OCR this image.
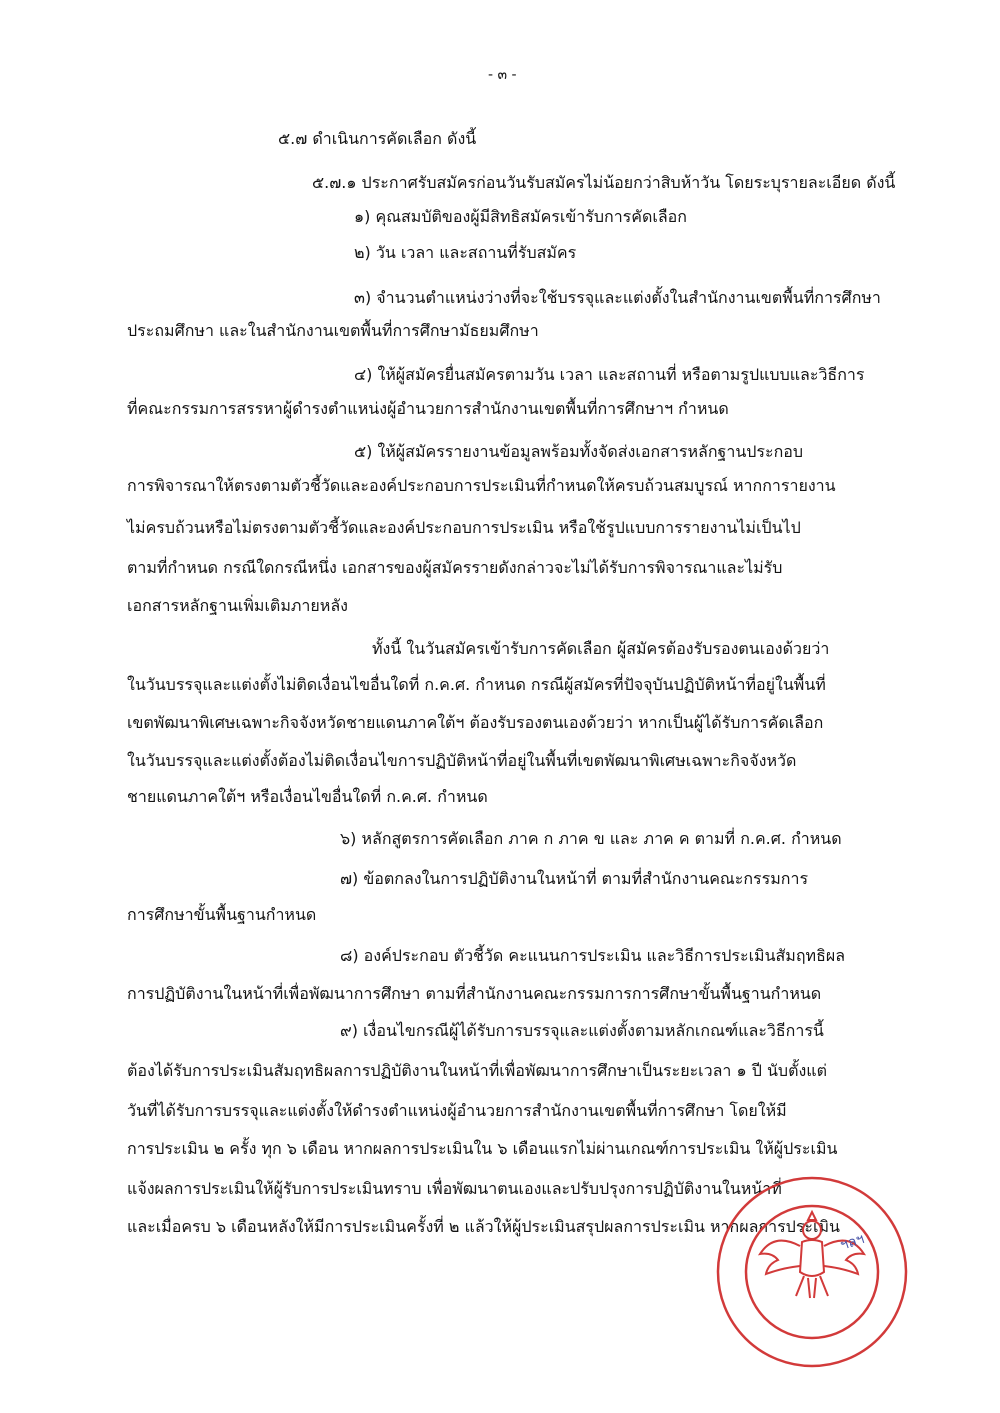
- ๓ -
๕.๗ ดำเนินการคัดเลือก ดังนี้
๕.๗.๑ ประกาศรับสมัครก่อนวันรับสมัครไม่น้อยกว่าสิบห้าวัน โดยระบุรายละเอียด ดังนี้
๑) คุณสมบัติของผู้มีสิทธิสมัครเข้ารับการคัดเลือก
๒) วัน เวลา และสถานที่รับสมัคร
๓) จำนวนตำแหน่งว่างที่จะใช้บรรจุและแต่งตั้งในสำนักงานเขตพื้นที่การศึกษา
ประถมศึกษา และในสำนักงานเขตพื้นที่การศึกษามัธยมศึกษา
๔) ให้ผู้สมัครยื่นสมัครตามวัน เวลา และสถานที่ หรือตามรูปแบบและวิธีการ
ที่คณะกรรมการสรรหาผู้ดำรงตำแหน่งผู้อำนวยการสำนักงานเขตพื้นที่การศึกษาฯ กำหนด
๕) ให้ผู้สมัครรายงานข้อมูลพร้อมทั้งจัดส่งเอกสารหลักฐานประกอบ
การพิจารณาให้ตรงตามตัวชี้วัดและองค์ประกอบการประเมินที่กำหนดให้ครบถ้วนสมบูรณ์ หากการายงาน
ไม่ครบถ้วนหรือไม่ตรงตามตัวชี้วัดและองค์ประกอบการประเมิน หรือใช้รูปแบบการรายงานไม่เป็นไป
ตามที่กำหนด กรณีใดกรณีหนึ่ง เอกสารของผู้สมัครรายดังกล่าวจะไม่ได้รับการพิจารณาและไม่รับ
เอกสารหลักฐานเพิ่มเติมภายหลัง
ทั้งนี้ ในวันสมัครเข้ารับการคัดเลือก ผู้สมัครต้องรับรองตนเองด้วยว่า
ในวันบรรจุและแต่งตั้งไม่ติดเงื่อนไขอื่นใดที่ ก.ค.ศ. กำหนด กรณีผู้สมัครที่ปัจจุบันปฏิบัติหน้าที่อยู่ในพื้นที่
เขตพัฒนาพิเศษเฉพาะกิจจังหวัดชายแดนภาคใต้ฯ ต้องรับรองตนเองด้วยว่า หากเป็นผู้ได้รับการคัดเลือก
ในวันบรรจุและแต่งตั้งต้องไม่ติดเงื่อนไขการปฏิบัติหน้าที่อยู่ในพื้นที่เขตพัฒนาพิเศษเฉพาะกิจจังหวัด
ชายแดนภาคใต้ฯ หรือเงื่อนไขอื่นใดที่ ก.ค.ศ. กำหนด
๖) หลักสูตรการคัดเลือก ภาค ก ภาค ข และ ภาค ค ตามที่ ก.ค.ศ. กำหนด
๗) ข้อตกลงในการปฏิบัติงานในหน้าที่ ตามที่สำนักงานคณะกรรมการ
การศึกษาขั้นพื้นฐานกำหนด
๘) องค์ประกอบ ตัวชี้วัด คะแนนการประเมิน และวิธีการประเมินสัมฤทธิผล
การปฏิบัติงานในหน้าที่เพื่อพัฒนาการศึกษา ตามที่สำนักงานคณะกรรมการการศึกษาขั้นพื้นฐานกำหนด
๙) เงื่อนไขกรณีผู้ได้รับการบรรจุและแต่งตั้งตามหลักเกณฑ์และวิธีการนี้
ต้องได้รับการประเมินสัมฤทธิผลการปฏิบัติงานในหน้าที่เพื่อพัฒนาการศึกษาเป็นระยะเวลา ๑ ปี นับตั้งแต่
วันที่ได้รับการบรรจุและแต่งตั้งให้ดำรงตำแหน่งผู้อำนวยการสำนักงานเขตพื้นที่การศึกษา โดยให้มี
การประเมิน ๒ ครั้ง ทุก ๖ เดือน หากผลการประเมินใน ๖ เดือนแรกไม่ผ่านเกณฑ์การประเมิน ให้ผู้ประเมิน
แจ้งผลการประเมินให้ผู้รับการประเมินทราบ เพื่อพัฒนาตนเองและปรับปรุงการปฏิบัติงานในหน้าที่
และเมื่อครบ ๖ เดือนหลังให้มีการประเมินครั้งที่ ๒ แล้วให้ผู้ประเมินสรุปผลการประเมิน หากผลการประเมิน
ฯลฯ
